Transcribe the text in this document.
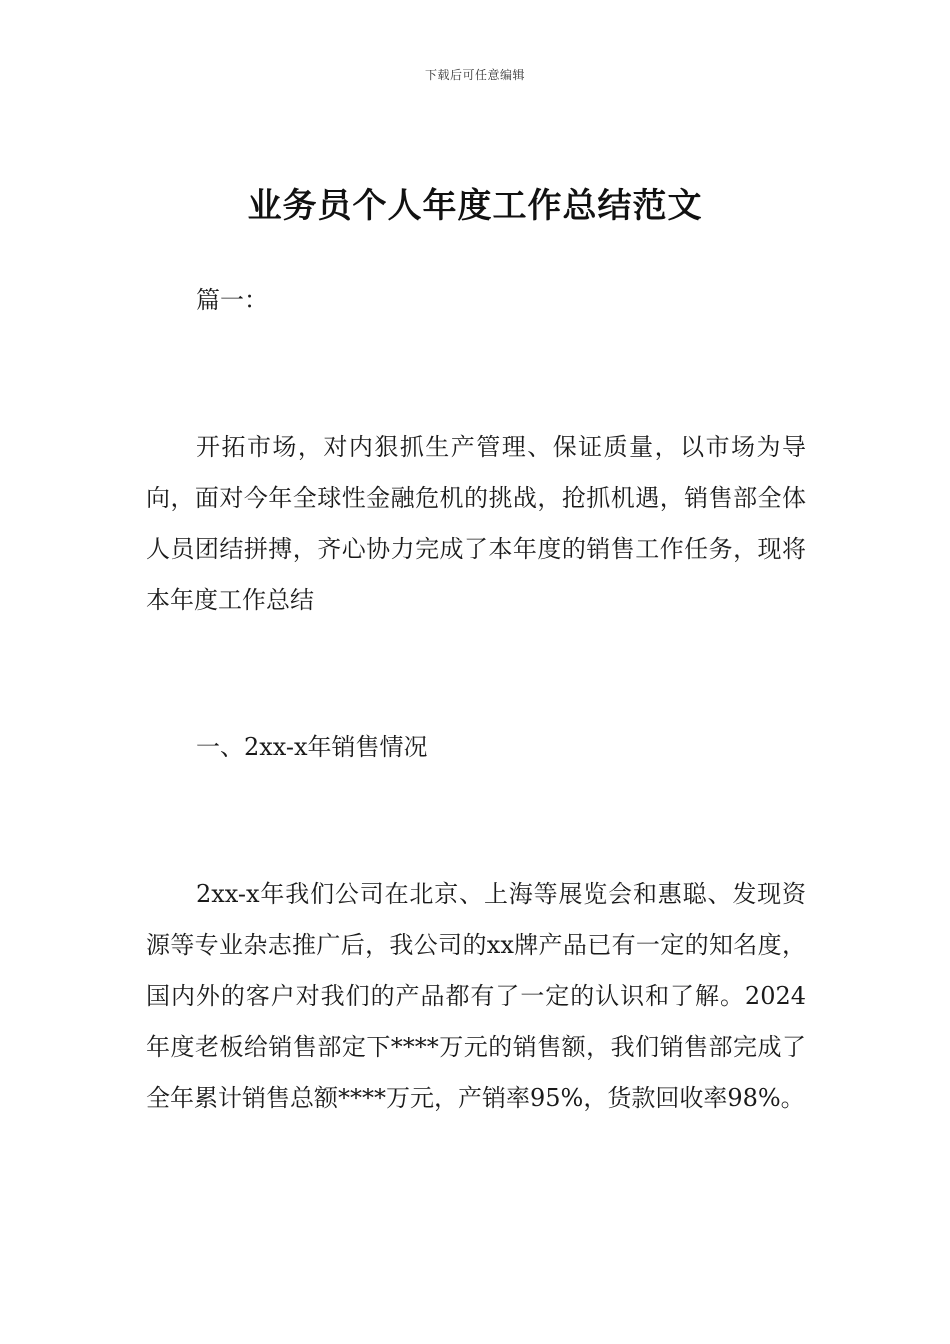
下载后可任意编辑
业务员个人年度工作总结范文

篇一：

开拓市场，对内狠抓生产管理、保证质量，以市场为导向，面对今年全球性金融危机的挑战，抢抓机遇，销售部全体人员团结拼搏，齐心协力完成了本年度的销售工作任务，现将本年度工作总结

一、2xx-x年销售情况

2xx-x年我们公司在北京、上海等展览会和惠聪、发现资源等专业杂志推广后，我公司的xx牌产品已有一定的知名度，国内外的客户对我们的产品都有了一定的认识和了解。2024年度老板给销售部定下****万元的销售额，我们销售部完成了全年累计销售总额****万元，产销率95%，货款回收率98%。
